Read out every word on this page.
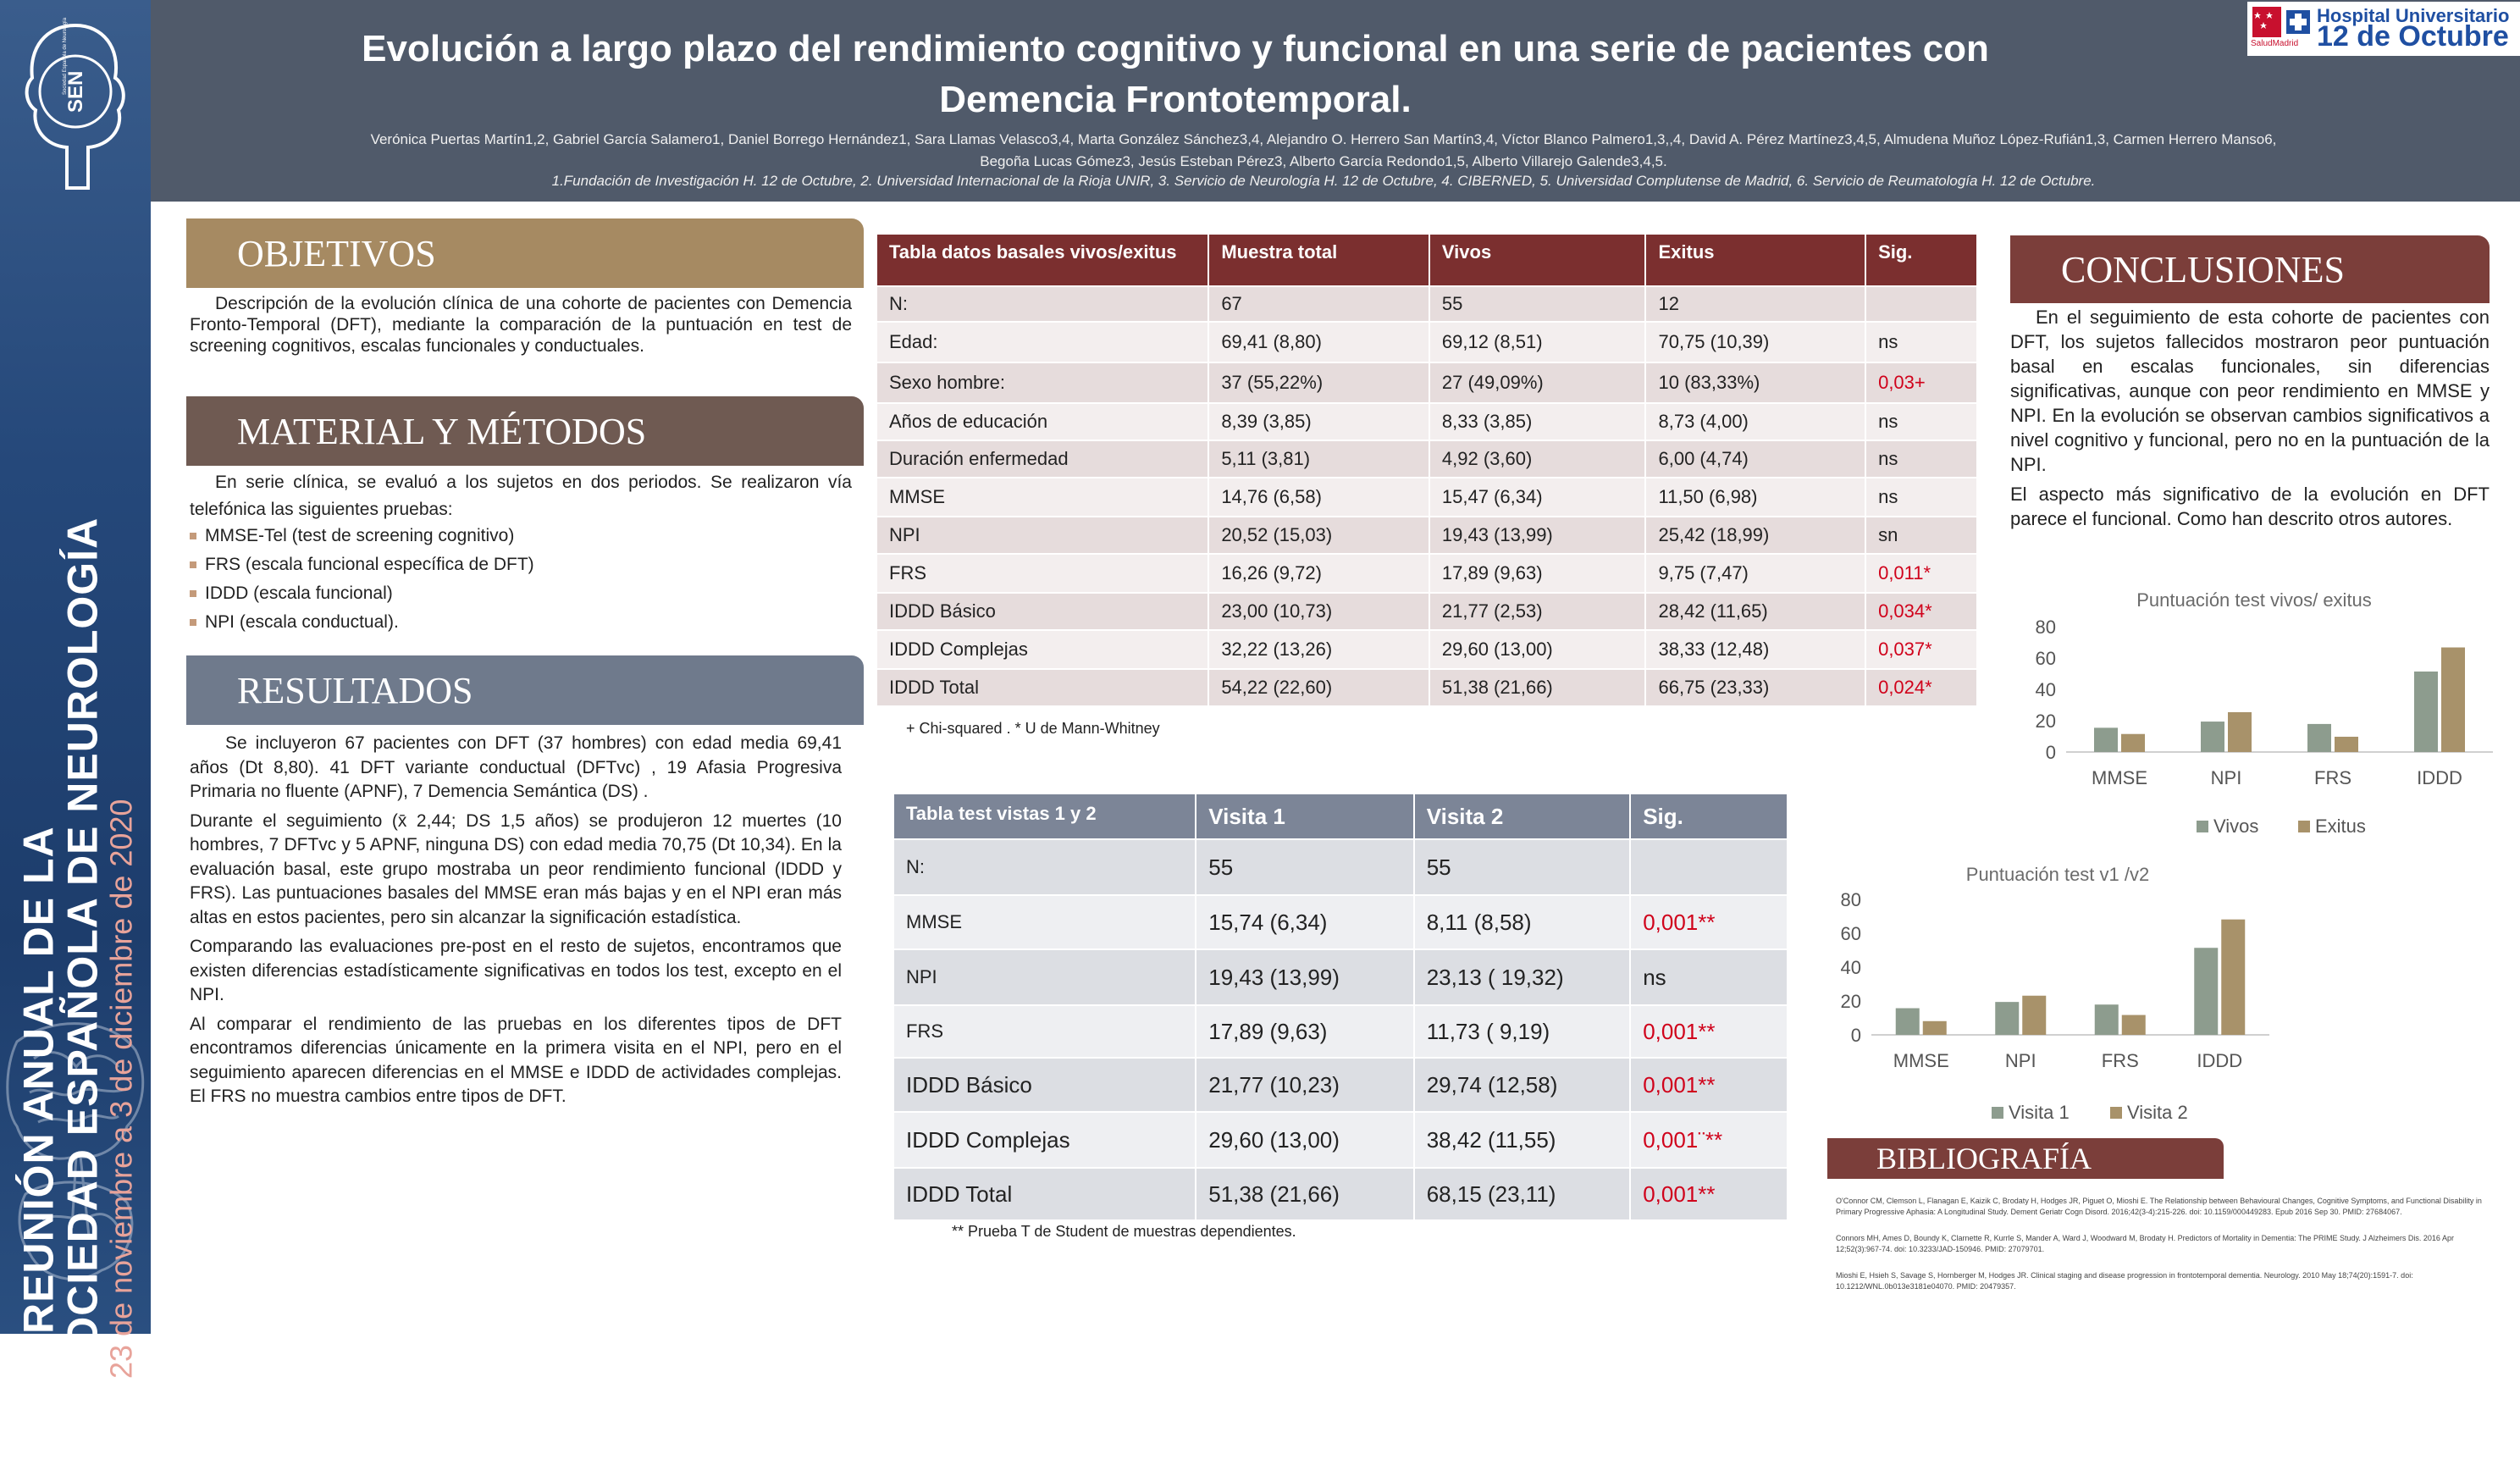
SEN
Sociedad Española de Neurología
LXXIIREUNIÓN ANUAL DE LA
SOCIEDAD ESPAÑOLA DE NEUROLOGÍA
23 de noviembre a 3 de diciembre de 2020
Evolución a largo plazo del rendimiento cognitivo y funcional en una serie de pacientes con
Demencia Frontotemporal.
Verónica Puertas Martín1,2, Gabriel García Salamero1, Daniel Borrego Hernández1, Sara Llamas Velasco3,4, Marta González Sánchez3,4, Alejandro O. Herrero San Martín3,4, Víctor Blanco Palmero1,3,,4, David A. Pérez Martínez3,4,5, Almudena Muñoz López-Rufián1,3, Carmen Herrero Manso6,
Begoña Lucas Gómez3, Jesús Esteban Pérez3, Alberto García Redondo1,5, Alberto Villarejo Galende3,4,5.
1.Fundación de Investigación H. 12 de Octubre, 2. Universidad Internacional de la Rioja UNIR, 3. Servicio de Neurología H. 12 de Octubre, 4. CIBERNED, 5. Universidad Complutense de Madrid, 6. Servicio de Reumatología H. 12 de Octubre.
SaludMadrid
Hospital Universitario
12 de Octubre
OBJETIVOS
Descripción de la evolución clínica de una cohorte de pacientes con Demencia Fronto-Temporal (DFT), mediante la comparación de la puntuación en test de screening cognitivos, escalas funcionales y conductuales.
MATERIAL Y MÉTODOS
En serie clínica, se evaluó a los sujetos en dos periodos. Se realizaron vía telefónica las siguientes pruebas:
MMSE-Tel (test de screening cognitivo)
FRS (escala funcional específica de DFT)
IDDD (escala funcional)
NPI (escala conductual).
RESULTADOS

Se incluyeron 67 pacientes con DFT (37 hombres) con edad media 69,41 años (Dt 8,80). 41 DFT variante conductual (DFTvc) , 19 Afasia Progresiva Primaria no fluente (APNF), 7 Demencia Semántica (DS) .

Durante el seguimiento (x̄ 2,44; DS 1,5 años) se produjeron 12 muertes (10 hombres, 7 DFTvc y 5 APNF, ninguna DS) con edad media 70,75 (Dt 10,34). En la evaluación basal, este grupo mostraba un peor rendimiento funcional (IDDD y FRS). Las puntuaciones basales del MMSE eran más bajas y en el NPI eran más altas en estos pacientes, pero sin alcanzar la significación estadística.

Comparando las evaluaciones pre-post en el resto de sujetos, encontramos que existen diferencias estadísticamente significativas en todos los test, excepto en el NPI.

Al comparar el rendimiento de las pruebas en los diferentes tipos de DFT encontramos diferencias únicamente en la primera visita en el NPI, pero en el seguimiento aparecen diferencias en el MMSE e IDDD de actividades complejas. El FRS no muestra cambios entre tipos de DFT.

Tabla datos basales vivos/exitus	Muestra total	Vivos	Exitus	Sig.
N:	67	55	12	
Edad:	69,41 (8,80)	69,12 (8,51)	70,75 (10,39)	ns
Sexo hombre:	37 (55,22%)	27 (49,09%)	10 (83,33%)	0,03+
Años de educación	8,39 (3,85)	8,33 (3,85)	8,73 (4,00)	ns
Duración enfermedad	5,11 (3,81)	4,92 (3,60)	6,00 (4,74)	ns
MMSE	14,76 (6,58)	15,47 (6,34)	11,50 (6,98)	ns
NPI	20,52 (15,03)	19,43 (13,99)	25,42 (18,99)	sn
FRS	16,26 (9,72)	17,89 (9,63)	9,75 (7,47)	0,011*
IDDD Básico	23,00 (10,73)	21,77 (2,53)	28,42 (11,65)	0,034*
IDDD Complejas	32,22 (13,26)	29,60 (13,00)	38,33 (12,48)	0,037*
IDDD Total	54,22 (22,60)	51,38 (21,66)	66,75 (23,33)	0,024*
+ Chi-squared . * U de Mann-Whitney
Tabla test vistas 1 y 2	Visita 1	Visita 2	Sig.
N:	55	55	
MMSE	15,74 (6,34)	8,11 (8,58)	0,001**
NPI	19,43 (13,99)	23,13 ( 19,32)	ns
FRS	17,89 (9,63)	11,73 ( 9,19)	0,001**
IDDD Básico	21,77 (10,23)	29,74 (12,58)	0,001**
IDDD Complejas	29,60 (13,00)	38,42 (11,55)	0,001¨**
IDDD Total	51,38 (21,66)	68,15 (23,11)	0,001**
** Prueba T de Student de muestras dependientes.
CONCLUSIONES

En el seguimiento de esta cohorte de pacientes con DFT, los sujetos fallecidos mostraron peor puntuación basal en escalas funcionales, sin diferencias significativas, aunque con peor rendimiento en MMSE y NPI. En la evolución se observan cambios significativos a nivel cognitivo y funcional, pero no en la puntuación de la NPI.

El aspecto más significativo de la evolución en DFT parece el funcional. Como han descrito otros autores.

Puntuación test vivos/ exitus
0
20
40
60
80
MMSE	NPI	FRS	IDDD
Vivos	Exitus
Puntuación test v1 /v2
0
20
40
60
80
MMSE	NPI	FRS	IDDD
Visita 1	Visita 2
BIBLIOGRAFÍA

O'Connor CM, Clemson L, Flanagan E, Kaizik C, Brodaty H, Hodges JR, Piguet O, Mioshi E. The Relationship between Behavioural Changes, Cognitive Symptoms, and Functional Disability in Primary Progressive Aphasia: A Longitudinal Study. Dement Geriatr Cogn Disord. 2016;42(3-4):215-226. doi: 10.1159/000449283. Epub 2016 Sep 30. PMID: 27684067.

Connors MH, Ames D, Boundy K, Clarnette R, Kurrle S, Mander A, Ward J, Woodward M, Brodaty H. Predictors of Mortality in Dementia: The PRIME Study. J Alzheimers Dis. 2016 Apr 12;52(3):967-74. doi: 10.3233/JAD-150946. PMID: 27079701.

Mioshi E, Hsieh S, Savage S, Hornberger M, Hodges JR. Clinical staging and disease progression in frontotemporal dementia. Neurology. 2010 May 18;74(20):1591-7. doi: 10.1212/WNL.0b013e3181e04070. PMID: 20479357.
